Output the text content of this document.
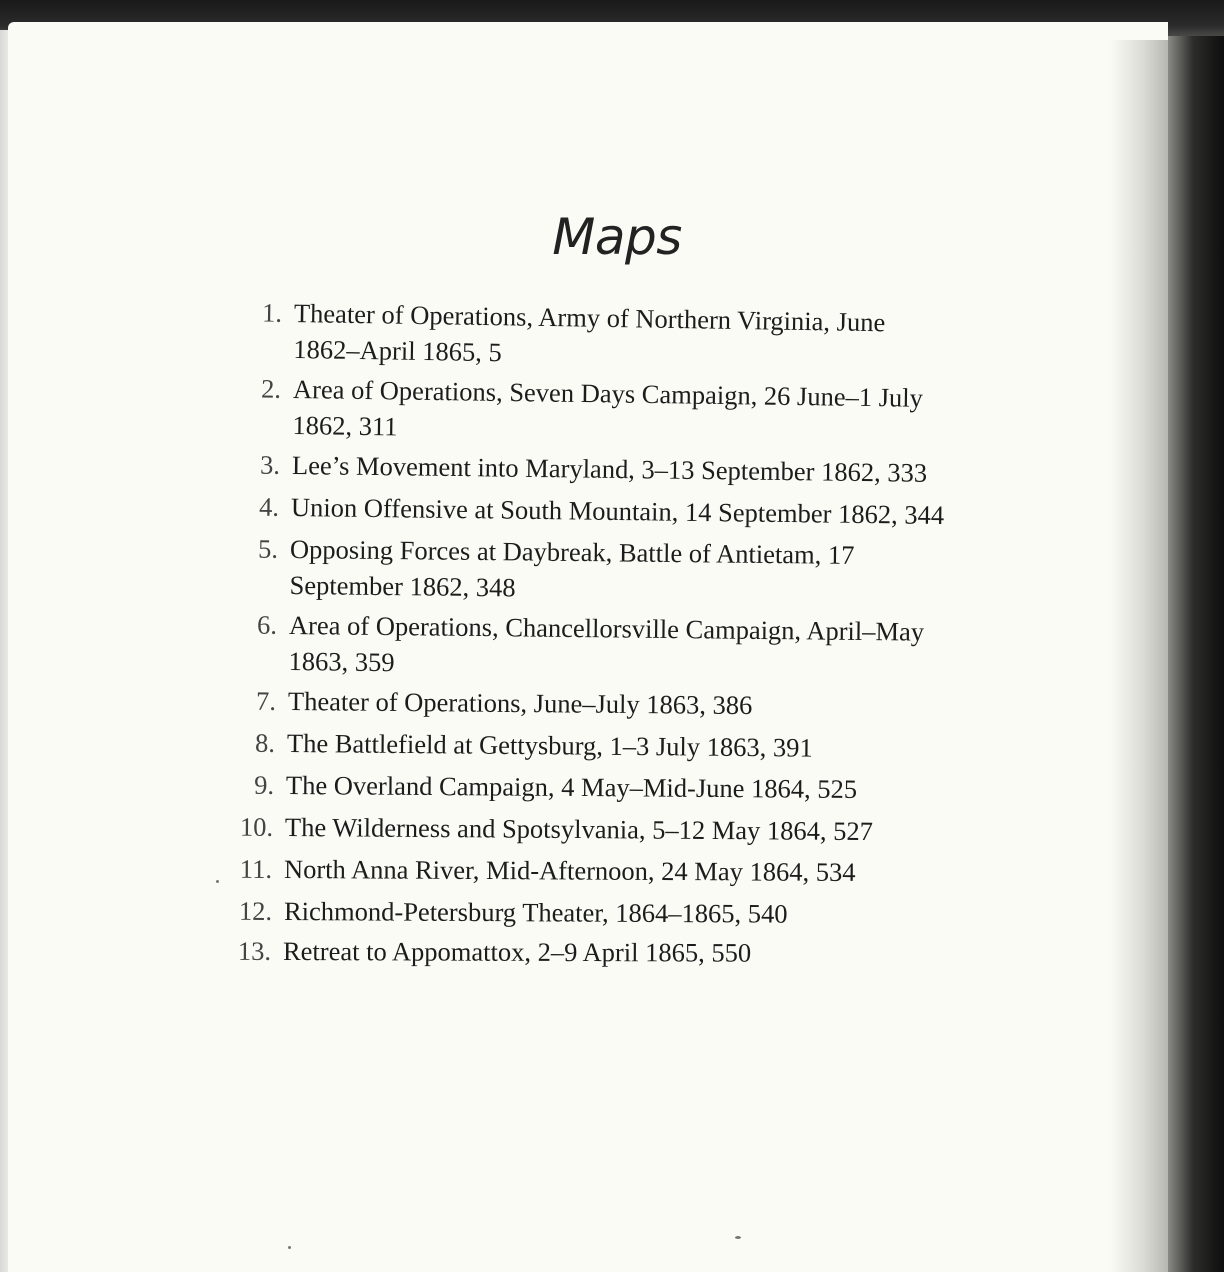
Maps
1. Theater of Operations, Army of Northern Virginia, June
1862–April 1865, 5
2. Area of Operations, Seven Days Campaign, 26 June–1 July
1862, 311
3. Lee’s Movement into Maryland, 3–13 September 1862, 333
4. Union Offensive at South Mountain, 14 September 1862, 344
5. Opposing Forces at Daybreak, Battle of Antietam, 17
September 1862, 348
6. Area of Operations, Chancellorsville Campaign, April–May
1863, 359
7. Theater of Operations, June–July 1863, 386
8. The Battlefield at Gettysburg, 1–3 July 1863, 391
9. The Overland Campaign, 4 May–Mid-June 1864, 525
10. The Wilderness and Spotsylvania, 5–12 May 1864, 527
11. North Anna River, Mid-Afternoon, 24 May 1864, 534
12. Richmond-Petersburg Theater, 1864–1865, 540
13. Retreat to Appomattox, 2–9 April 1865, 550
